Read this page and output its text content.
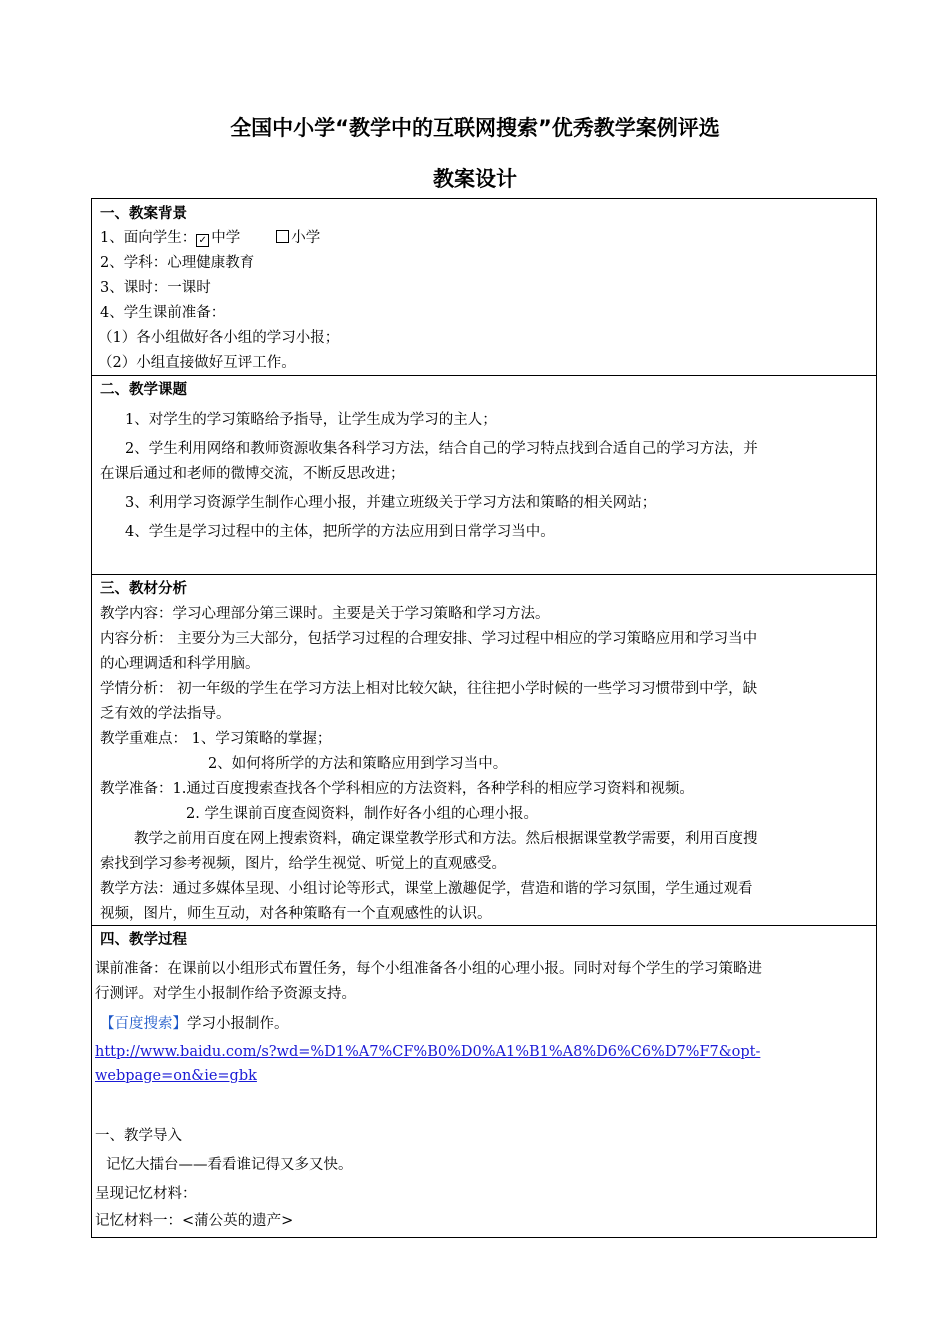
全国中小学“教学中的互联网搜索”优秀教学案例评选
教案设计
一、教案背景
1、面向学生： ✓ 中学	小学
2、学科：心理健康教育
3、课时：一课时
4、学生课前准备：
（1）各小组做好各小组的学习小报；
（2）小组直接做好互评工作。
二、教学课题
1、对学生的学习策略给予指导，让学生成为学习的主人；
2、学生利用网络和教师资源收集各科学习方法，结合自己的学习特点找到合适自己的学习方法，并
在课后通过和老师的微博交流，不断反思改进；
3、利用学习资源学生制作心理小报，并建立班级关于学习方法和策略的相关网站；
4、学生是学习过程中的主体，把所学的方法应用到日常学习当中。
三、教材分析
教学内容：学习心理部分第三课时。主要是关于学习策略和学习方法。
内容分析： 主要分为三大部分，包括学习过程的合理安排、学习过程中相应的学习策略应用和学习当中
的心理调适和科学用脑。
学情分析： 初一年级的学生在学习方法上相对比较欠缺，往往把小学时候的一些学习习惯带到中学，缺
乏有效的学法指导。
教学重难点： 1、学习策略的掌握；
2、如何将所学的方法和策略应用到学习当中。
教学准备：1.通过百度搜索查找各个学科相应的方法资料，各种学科的相应学习资料和视频。
2. 学生课前百度查阅资料，制作好各小组的心理小报。
教学之前用百度在网上搜索资料，确定课堂教学形式和方法。然后根据课堂教学需要，利用百度搜
索找到学习参考视频，图片，给学生视觉、听觉上的直观感受。
教学方法：通过多媒体呈现、小组讨论等形式，课堂上激趣促学，营造和谐的学习氛围，学生通过观看
视频，图片，师生互动，对各种策略有一个直观感性的认识。
四、教学过程
课前准备：在课前以小组形式布置任务，每个小组准备各小组的心理小报。同时对每个学生的学习策略进
行测评。对学生小报制作给予资源支持。
【百度搜索】学习小报制作。
http://www.baidu.com/s?wd=%D1%A7%CF%B0%D0%A1%B1%A8%D6%C6%D7%F7&opt-
webpage=on&ie=gbk
一、教学导入
记忆大擂台——看看谁记得又多又快。
呈现记忆材料：
记忆材料一：<蒲公英的遗产>
